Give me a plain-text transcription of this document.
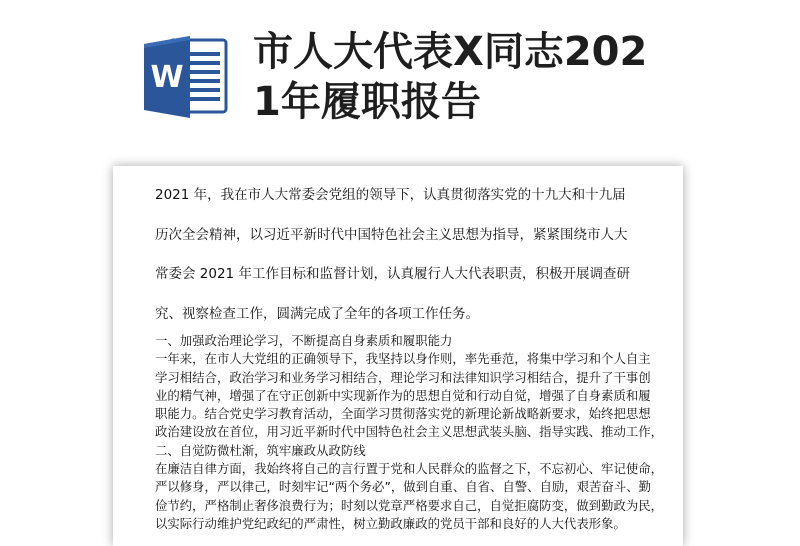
W
市人大代表X同志2021年履职报告

2021 年，我在市人大常委会党组的领导下，认真贯彻落实党的十九大和十九届

历次全会精神，以习近平新时代中国特色社会主义思想为指导，紧紧围绕市人大

常委会 2021 年工作目标和监督计划，认真履行人大代表职责，积极开展调查研

究、视察检查工作，圆满完成了全年的各项工作任务。

一、加强政治理论学习，不断提高自身素质和履职能力

一年来，在市人大党组的正确领导下，我坚持以身作则，率先垂范，将集中学习和个人自主

学习相结合，政治学习和业务学习相结合，理论学习和法律知识学习相结合，提升了干事创

业的精气神，增强了在守正创新中实现新作为的思想自觉和行动自觉，增强了自身素质和履

职能力。结合党史学习教育活动，全面学习贯彻落实党的新理论新战略新要求，始终把思想

政治建设放在首位，用习近平新时代中国特色社会主义思想武装头脑、指导实践、推动工作，

二、自觉防微杜渐，筑牢廉政从政防线

在廉洁自律方面，我始终将自己的言行置于党和人民群众的监督之下，不忘初心、牢记使命，

严以修身，严以律己，时刻牢记“两个务必”，做到自重、自省、自警、自励，艰苦奋斗、勤

俭节约，严格制止奢侈浪费行为；时刻以党章严格要求自己，自觉拒腐防变，做到勤政为民，

以实际行动维护党纪政纪的严肃性，树立勤政廉政的党员干部和良好的人大代表形象。
